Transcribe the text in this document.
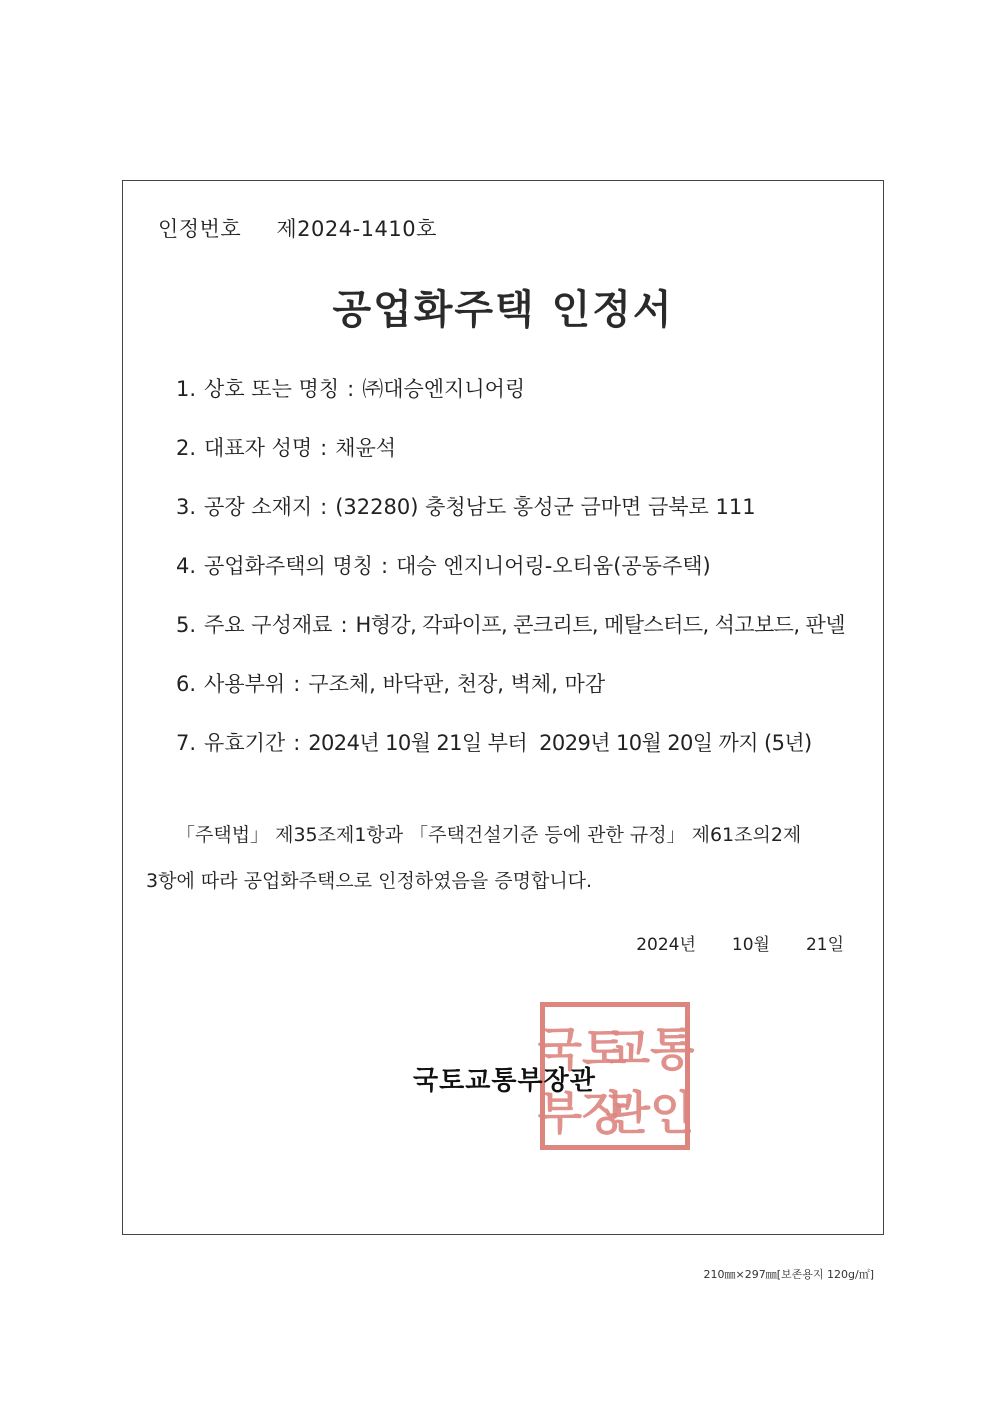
인정번호 제2024-1410호
공업화주택 인정서
1. 상호 또는 명칭 : ㈜대승엔지니어링
2. 대표자 성명 : 채윤석
3. 공장 소재지 : (32280) 충청남도 홍성군 금마면 금북로 111
4. 공업화주택의 명칭 : 대승 엔지니어링-오티움(공동주택)
5. 주요 구성재료 : H형강, 각파이프, 콘크리트, 메탈스터드, 석고보드, 판넬
6. 사용부위 : 구조체, 바닥판, 천장, 벽체, 마감
7. 유효기간 : 2024년 10월 21일 부터  2029년 10월 20일 까지 (5년)
「주택법」 제35조제1항과 「주택건설기준 등에 관한 규정」 제61조의2제
3항에 따라 공업화주택으로 인정하였음을 증명합니다.
2024년 10월 21일
국토
교통
부장
관인
국토교통부장관
210㎜×297㎜[보존용지 120g/㎡]
